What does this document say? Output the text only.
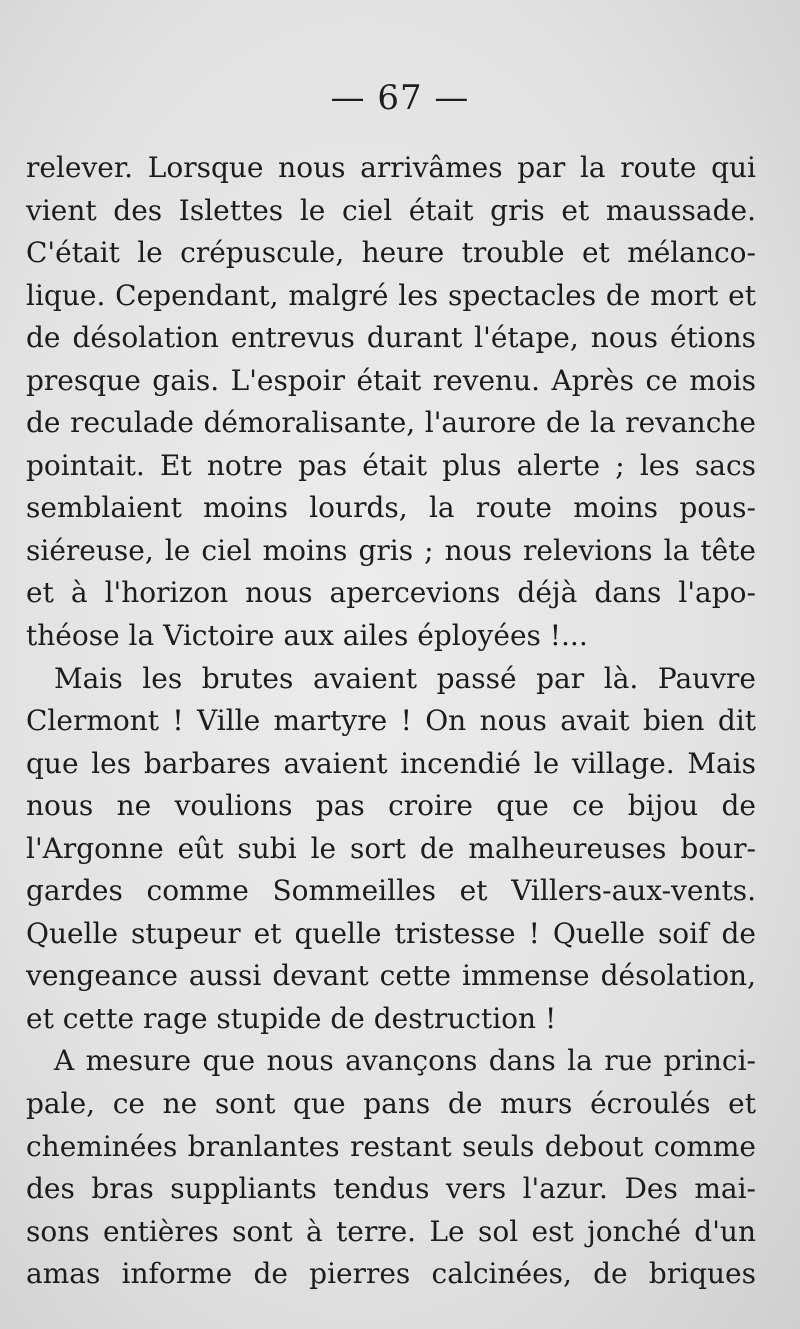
— 67 —
relever. Lorsque nous arrivâmes par la route qui
vient des Islettes le ciel était gris et maussade.
C'était le crépuscule, heure trouble et mélanco-
lique. Cependant, malgré les spectacles de mort et
de désolation entrevus durant l'étape, nous étions
presque gais. L'espoir était revenu. Après ce mois
de reculade démoralisante, l'aurore de la revanche
pointait. Et notre pas était plus alerte ; les sacs
semblaient moins lourds, la route moins pous-
siéreuse, le ciel moins gris ; nous relevions la tête
et à l'horizon nous apercevions déjà dans l'apo-
théose la Victoire aux ailes éployées !...
Mais les brutes avaient passé par là. Pauvre
Clermont ! Ville martyre ! On nous avait bien dit
que les barbares avaient incendié le village. Mais
nous ne voulions pas croire que ce bijou de
l'Argonne eût subi le sort de malheureuses bour-
gardes comme Sommeilles et Villers-aux-vents.
Quelle stupeur et quelle tristesse ! Quelle soif de
vengeance aussi devant cette immense désolation,
et cette rage stupide de destruction !
A mesure que nous avançons dans la rue princi-
pale, ce ne sont que pans de murs écroulés et
cheminées branlantes restant seuls debout comme
des bras suppliants tendus vers l'azur. Des mai-
sons entières sont à terre. Le sol est jonché d'un
amas informe de pierres calcinées, de briques
